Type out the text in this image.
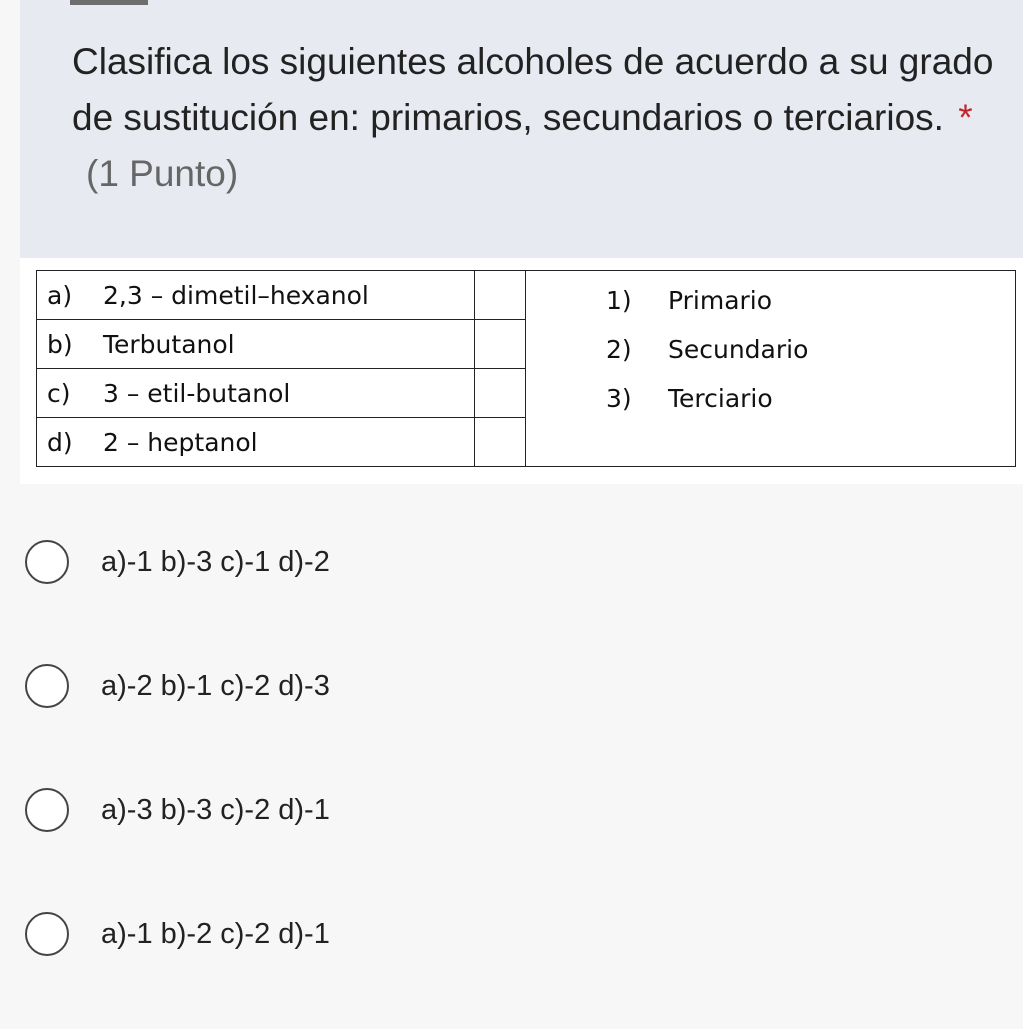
Clasifica los siguientes alcoholes de acuerdo a su grado de sustitución en: primarios, secundarios o terciarios. *(1 Punto)
a) 2,3 – dimetil–hexanol		1) Primario
2) Secundario
3) Terciario

b) Terbutanol		
c) 3 – etil-butanol		
d) 2 – heptanol		
a)-1 b)-3 c)-1 d)-2
a)-2 b)-1 c)-2 d)-3
a)-3 b)-3 c)-2 d)-1
a)-1 b)-2 c)-2 d)-1
